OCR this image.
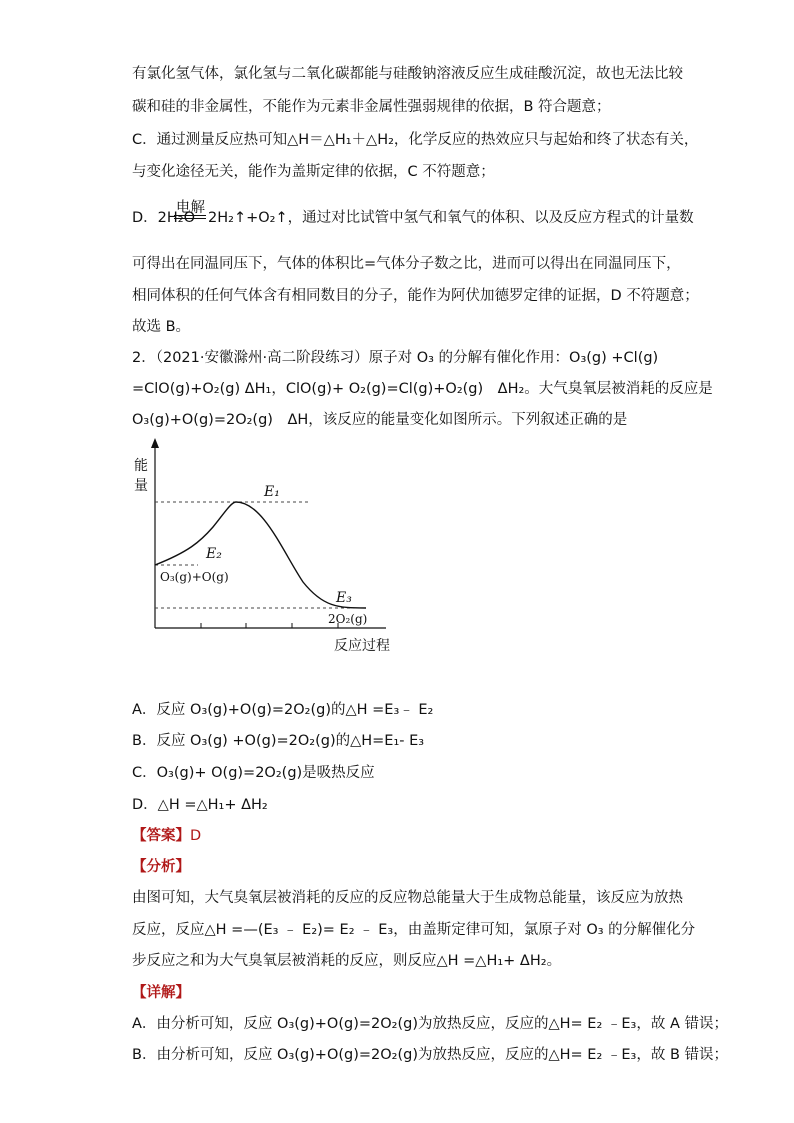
有氯化氢气体，氯化氢与二氧化碳都能与硅酸钠溶液反应生成硅酸沉淀，故也无法比较
碳和硅的非金属性，不能作为元素非金属性强弱规律的依据，B 符合题意；
C．通过测量反应热可知△H＝△H₁＋△H₂，化学反应的热效应只与起始和终了状态有关，
与变化途径无关，能作为盖斯定律的依据，C 不符题意；
D．2H₂O
电解
2H₂↑+O₂↑，通过对比试管中氢气和氧气的体积、以及反应方程式的计量数
可得出在同温同压下，气体的体积比=气体分子数之比，进而可以得出在同温同压下，
相同体积的任何气体含有相同数目的分子，能作为阿伏加德罗定律的证据，D 不符题意；
故选 B。
2．（2021·安徽滁州·高二阶段练习）原子对 O₃ 的分解有催化作用：O₃(g) +Cl(g)
=ClO(g)+O₂(g) ΔH₁，ClO(g)+ O₂(g)=Cl(g)+O₂(g)　ΔH₂。大气臭氧层被消耗的反应是
O₃(g)+O(g)=2O₂(g)　ΔH，该反应的能量变化如图所示。下列叙述正确的是
能
量	E₁
E₂
E₃
O₃(g)+O(g)
2O₂(g)
反应过程
A．反应 O₃(g)+O(g)=2O₂(g)的△H =E₃﹣ E₂
B．反应 O₃(g) +O(g)=2O₂(g)的△H=E₁- E₃
C．O₃(g)+ O(g)=2O₂(g)是吸热反应
D．△H =△H₁+ ΔH₂
【答案】D
【分析】
由图可知，大气臭氧层被消耗的反应的反应物总能量大于生成物总能量，该反应为放热
反应，反应△H =—(E₃ ﹣ E₂)= E₂ ﹣ E₃，由盖斯定律可知，氯原子对 O₃ 的分解催化分
步反应之和为大气臭氧层被消耗的反应，则反应△H =△H₁+ ΔH₂。
【详解】
A．由分析可知，反应 O₃(g)+O(g)=2O₂(g)为放热反应，反应的△H= E₂ ﹣E₃，故 A 错误；
B．由分析可知，反应 O₃(g)+O(g)=2O₂(g)为放热反应，反应的△H= E₂ ﹣E₃，故 B 错误；
